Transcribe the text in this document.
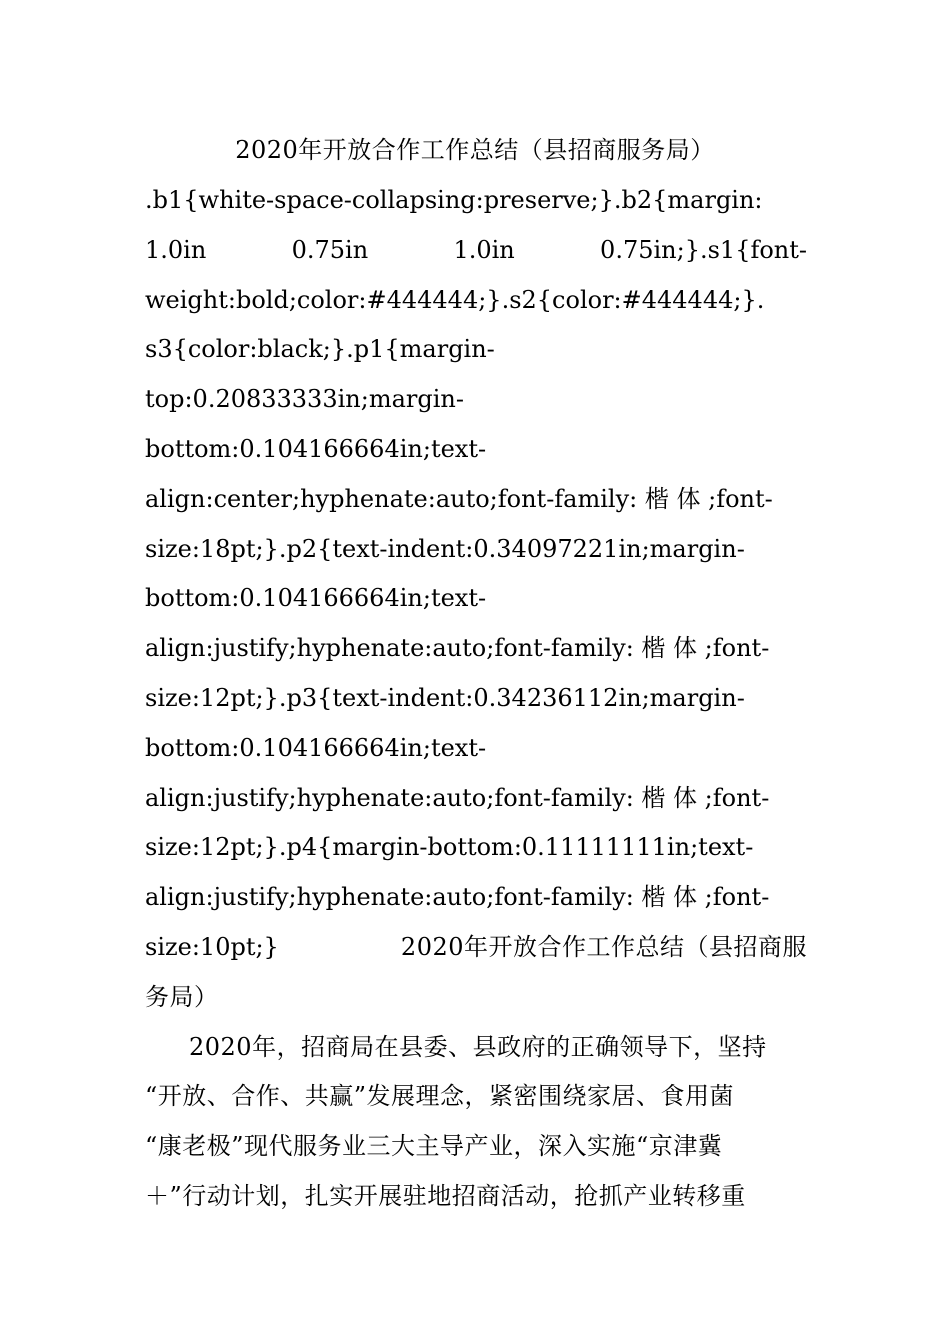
2020年开放合作工作总结（县招商服务局）
.b1{white-space-collapsing:preserve;}.b2{margin:
1.0in	0.75in	1.0in	0.75in;}.s1{font-
weight:bold;color:#444444;}.s2{color:#444444;}.
s3{color:black;}.p1{margin-
top:0.20833333in;margin-
bottom:0.104166664in;text-
align:center;hyphenate:auto;font-family: 楷 体 ;font-
size:18pt;}.p2{text-indent:0.34097221in;margin-
bottom:0.104166664in;text-
align:justify;hyphenate:auto;font-family: 楷 体 ;font-
size:12pt;}.p3{text-indent:0.34236112in;margin-
bottom:0.104166664in;text-
align:justify;hyphenate:auto;font-family: 楷 体 ;font-
size:12pt;}.p4{margin-bottom:0.11111111in;text-
align:justify;hyphenate:auto;font-family: 楷 体 ;font-
size:10pt;}	2020年开放合作工作总结（县招商服
务局）
2020年，招商局在县委、县政府的正确领导下，坚持
“开放、合作、共赢”发展理念，紧密围绕家居、食用菌
“康老极”现代服务业三大主导产业，深入实施“京津冀
＋”行动计划，扎实开展驻地招商活动，抢抓产业转移重
